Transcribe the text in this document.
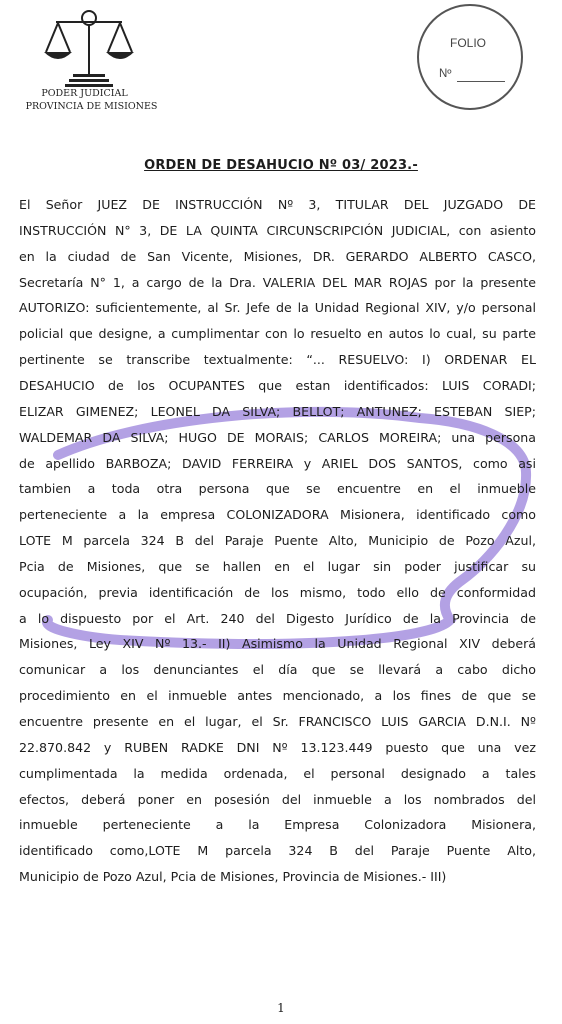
PODER JUDICIAL
PROVINCIA DE MISIONES
FOLIO
Nº
ORDEN DE DESAHUCIO Nº 03/ 2023.-
El Señor JUEZ DE INSTRUCCIÓN Nº 3, TITULAR DEL JUZGADO DE
INSTRUCCIÓN N° 3, DE LA QUINTA CIRCUNSCRIPCIÓN JUDICIAL, con asiento
en la ciudad de San Vicente, Misiones, DR. GERARDO ALBERTO CASCO,
Secretaría N° 1, a cargo de la Dra. VALERIA DEL MAR ROJAS por la presente
AUTORIZO: suficientemente, al Sr. Jefe de la Unidad Regional XIV, y/o personal
policial que designe, a cumplimentar con lo resuelto en autos lo cual, su parte
pertinente se transcribe textualmente: “... RESUELVO: I) ORDENAR EL
DESAHUCIO de los OCUPANTES que estan identificados: LUIS CORADI;
ELIZAR GIMENEZ; LEONEL DA SILVA; BELLOT; ANTUNEZ; ESTEBAN SIEP;
WALDEMAR DA SILVA; HUGO DE MORAIS; CARLOS MOREIRA; una persona
de apellido BARBOZA; DAVID FERREIRA y ARIEL DOS SANTOS, como asi
tambien a toda otra persona que se encuentre en el inmueble
perteneciente a la empresa COLONIZADORA Misionera, identificado como
LOTE M parcela 324 B del Paraje Puente Alto, Municipio de Pozo Azul,
Pcia de Misiones, que se hallen en el lugar sin poder justificar su
ocupación, previa identificación de los mismo, todo ello de conformidad
a lo dispuesto por el Art. 240 del Digesto Jurídico de la Provincia de
Misiones, Ley XIV Nº 13.- II) Asimismo la Unidad Regional XIV deberá
comunicar a los denunciantes el día que se llevará a cabo dicho
procedimiento en el inmueble antes mencionado, a los fines de que se
encuentre presente en el lugar, el Sr. FRANCISCO LUIS GARCIA D.N.I. Nº
22.870.842 y RUBEN RADKE DNI Nº 13.123.449 puesto que una vez
cumplimentada la medida ordenada, el personal designado a tales
efectos, deberá poner en posesión del inmueble a los nombrados del
inmueble perteneciente a la Empresa Colonizadora Misionera,
identificado como,LOTE M parcela 324 B del Paraje Puente Alto,
Municipio de Pozo Azul, Pcia de Misiones, Provincia de Misiones.- III)
1
